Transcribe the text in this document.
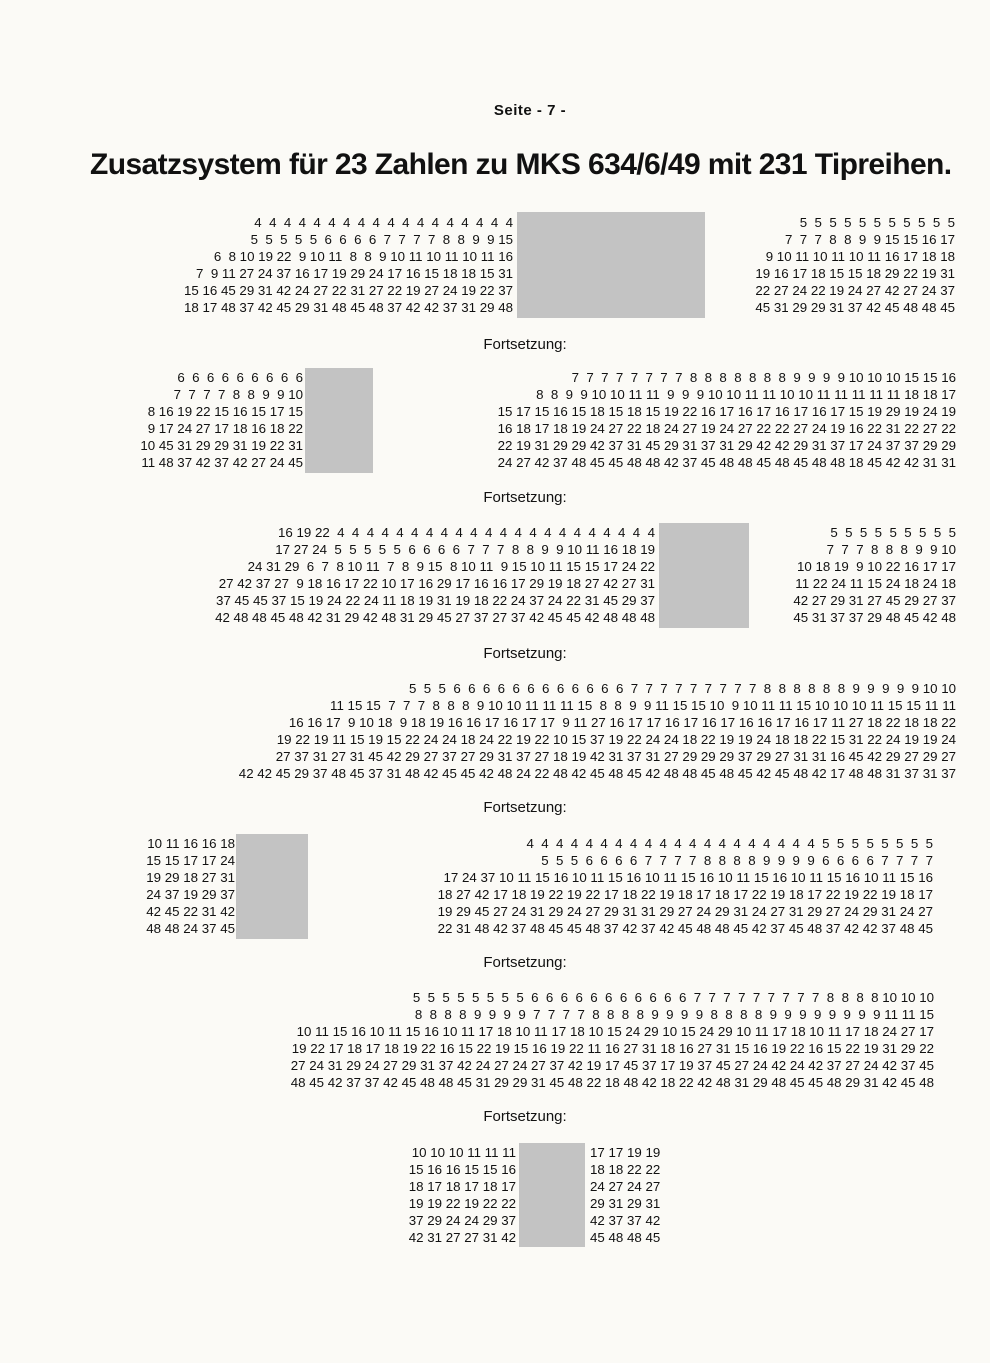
Seite - 7 -
Zusatzsystem für 23 Zahlen zu MKS 634/6/49 mit 231 Tipreihen.
4  4  4  4  4  4  4  4  4  4  4  4  4  4  4  4  4  4
5  5  5  5  5  6  6  6  6  7  7  7  7  8  8  9  9 15
6  8 10 19 22  9 10 11  8  8  9 10 11 10 11 10 11 16
7  9 11 27 24 37 16 17 19 29 24 17 16 15 18 18 15 31
15 16 45 29 31 42 24 27 22 31 27 22 19 27 24 19 22 37
18 17 48 37 42 45 29 31 48 45 48 37 42 42 37 31 29 48
5  5  5  5  5  5  5  5  5  5  5
7  7  7  8  8  9  9 15 15 16 17
9 10 11 10 11 10 11 16 17 18 18
19 16 17 18 15 15 18 29 22 19 31
22 27 24 22 19 24 27 42 27 24 37
45 31 29 29 31 37 42 45 48 48 45
Fortsetzung:
6  6  6  6  6  6  6  6  6
7  7  7  7  8  8  9  9 10
8 16 19 22 15 16 15 17 15
9 17 24 27 17 18 16 18 22
10 45 31 29 29 31 19 22 31
11 48 37 42 37 42 27 24 45
7  7  7  7  7  7  7  7  8  8  8  8  8  8  8  9  9  9  9 10 10 10 15 15 16
8  8  9  9 10 10 11 11  9  9  9 10 10 11 11 10 10 11 11 11 11 11 18 18 17
15 17 15 16 15 18 15 18 15 19 22 16 17 16 17 16 17 16 17 15 19 29 19 24 19
16 18 17 18 19 24 27 22 18 24 27 19 24 27 22 22 27 24 19 16 22 31 22 27 22
22 19 31 29 29 42 37 31 45 29 31 37 31 29 42 42 29 31 37 17 24 37 37 29 29
24 27 42 37 48 45 45 48 48 42 37 45 48 48 45 48 45 48 48 18 45 42 42 31 31
Fortsetzung:
16 19 22  4  4  4  4  4  4  4  4  4  4  4  4  4  4  4  4  4  4  4  4  4  4
17 27 24  5  5  5  5  5  6  6  6  6  7  7  7  8  8  9  9 10 11 16 18 19
24 31 29  6  7  8 10 11  7  8  9 15  8 10 11  9 15 10 11 15 15 17 24 22
27 42 37 27  9 18 16 17 22 10 17 16 29 17 16 16 17 29 19 18 27 42 27 31
37 45 45 37 15 19 24 22 24 11 18 19 31 19 18 22 24 37 24 22 31 45 29 37
42 48 48 45 48 42 31 29 42 48 31 29 45 27 37 27 37 42 45 45 42 48 48 48
5  5  5  5  5  5  5  5  5
7  7  7  8  8  8  9  9 10
10 18 19  9 10 22 16 17 17
11 22 24 11 15 24 18 24 18
42 27 29 31 27 45 29 27 37
45 31 37 37 29 48 45 42 48
Fortsetzung:
5  5  5  6  6  6  6  6  6  6  6  6  6  6  6  7  7  7  7  7  7  7  7  7  8  8  8  8  8  8  9  9  9  9  9 10 10
11 15 15  7  7  7  8  8  8  9 10 10 11 11 11 15  8  8  9  9 11 15 15 10  9 10 11 11 15 10 10 10 11 15 15 11 11
16 16 17  9 10 18  9 18 19 16 16 17 16 17 17  9 11 27 16 17 17 16 17 16 17 16 16 17 16 17 11 27 18 22 18 18 22
19 22 19 11 15 19 15 22 24 24 18 24 22 19 22 10 15 37 19 22 24 24 18 22 19 19 24 18 18 22 15 31 22 24 19 19 24
27 37 31 27 31 45 42 29 27 37 27 29 31 37 27 18 19 42 31 37 31 27 29 29 29 37 29 27 31 31 16 45 42 29 27 29 27
42 42 45 29 37 48 45 37 31 48 42 45 45 42 48 24 22 48 42 45 48 45 42 48 48 45 48 45 42 45 48 42 17 48 48 31 37 31 37
Fortsetzung:
10 11 16 16 18
15 15 17 17 24
19 29 18 27 31
24 37 19 29 37
42 45 22 31 42
48 48 24 37 45
4  4  4  4  4  4  4  4  4  4  4  4  4  4  4  4  4  4  4  4  5  5  5  5  5  5  5  5
5  5  5  6  6  6  6  7  7  7  7  8  8  8  8  9  9  9  9  6  6  6  6  7  7  7  7
17 24 37 10 11 15 16 10 11 15 16 10 11 15 16 10 11 15 16 10 11 15 16 10 11 15 16
18 27 42 17 18 19 22 19 22 17 18 22 19 18 17 18 17 22 19 18 17 22 19 22 19 18 17
19 29 45 27 24 31 29 24 27 29 31 31 29 27 24 29 31 24 27 31 29 27 24 29 31 24 27
22 31 48 42 37 48 45 45 48 37 42 37 42 45 48 48 45 42 37 45 48 37 42 42 37 48 45
Fortsetzung:
5  5  5  5  5  5  5  5  6  6  6  6  6  6  6  6  6  6  6  7  7  7  7  7  7  7  7  7  8  8  8  8 10 10 10
8  8  8  8  9  9  9  9  7  7  7  7  8  8  8  8  9  9  9  9  8  8  8  8  9  9  9  9  9  9  9  9 11 11 15
10 11 15 16 10 11 15 16 10 11 17 18 10 11 17 18 10 15 24 29 10 15 24 29 10 11 17 18 10 11 17 18 24 27 17
19 22 17 18 17 18 19 22 16 15 22 19 15 16 19 22 11 16 27 31 18 16 27 31 15 16 19 22 16 15 22 19 31 29 22
27 24 31 29 24 27 29 31 37 42 24 27 24 27 37 42 19 17 45 37 17 19 37 45 27 24 42 24 42 37 27 24 42 37 45
48 45 42 37 37 42 45 48 48 45 31 29 29 31 45 48 22 18 48 42 18 22 42 48 31 29 48 45 45 48 29 31 42 45 48
Fortsetzung:
10 10 10 11 11 11
15 16 16 15 15 16
18 17 18 17 18 17
19 19 22 19 22 22
37 29 24 24 29 37
42 31 27 27 31 42
17 17 19 19
18 18 22 22
24 27 24 27
29 31 29 31
42 37 37 42
45 48 48 45
